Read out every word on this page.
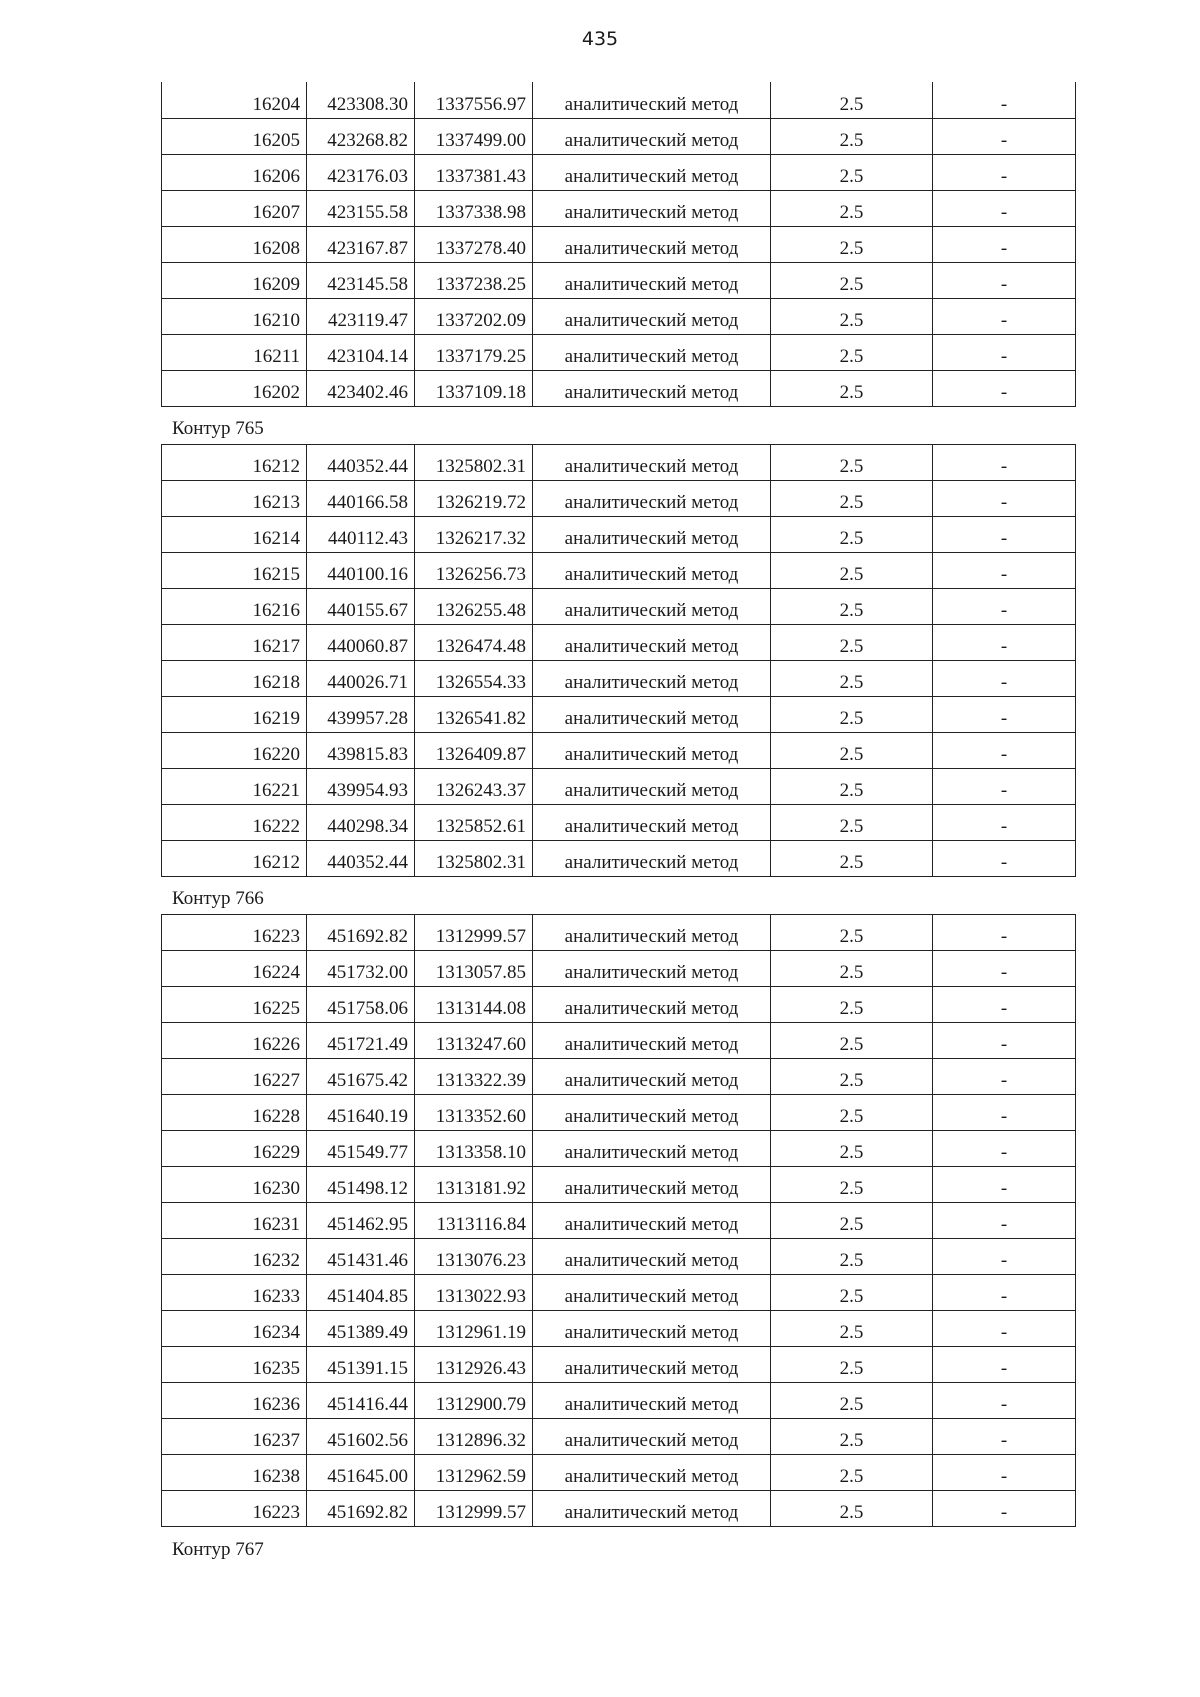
435
16204	423308.30	1337556.97	аналитический метод	2.5	-
16205	423268.82	1337499.00	аналитический метод	2.5	-
16206	423176.03	1337381.43	аналитический метод	2.5	-
16207	423155.58	1337338.98	аналитический метод	2.5	-
16208	423167.87	1337278.40	аналитический метод	2.5	-
16209	423145.58	1337238.25	аналитический метод	2.5	-
16210	423119.47	1337202.09	аналитический метод	2.5	-
16211	423104.14	1337179.25	аналитический метод	2.5	-
16202	423402.46	1337109.18	аналитический метод	2.5	-
Контур 765
16212	440352.44	1325802.31	аналитический метод	2.5	-
16213	440166.58	1326219.72	аналитический метод	2.5	-
16214	440112.43	1326217.32	аналитический метод	2.5	-
16215	440100.16	1326256.73	аналитический метод	2.5	-
16216	440155.67	1326255.48	аналитический метод	2.5	-
16217	440060.87	1326474.48	аналитический метод	2.5	-
16218	440026.71	1326554.33	аналитический метод	2.5	-
16219	439957.28	1326541.82	аналитический метод	2.5	-
16220	439815.83	1326409.87	аналитический метод	2.5	-
16221	439954.93	1326243.37	аналитический метод	2.5	-
16222	440298.34	1325852.61	аналитический метод	2.5	-
16212	440352.44	1325802.31	аналитический метод	2.5	-
Контур 766
16223	451692.82	1312999.57	аналитический метод	2.5	-
16224	451732.00	1313057.85	аналитический метод	2.5	-
16225	451758.06	1313144.08	аналитический метод	2.5	-
16226	451721.49	1313247.60	аналитический метод	2.5	-
16227	451675.42	1313322.39	аналитический метод	2.5	-
16228	451640.19	1313352.60	аналитический метод	2.5	-
16229	451549.77	1313358.10	аналитический метод	2.5	-
16230	451498.12	1313181.92	аналитический метод	2.5	-
16231	451462.95	1313116.84	аналитический метод	2.5	-
16232	451431.46	1313076.23	аналитический метод	2.5	-
16233	451404.85	1313022.93	аналитический метод	2.5	-
16234	451389.49	1312961.19	аналитический метод	2.5	-
16235	451391.15	1312926.43	аналитический метод	2.5	-
16236	451416.44	1312900.79	аналитический метод	2.5	-
16237	451602.56	1312896.32	аналитический метод	2.5	-
16238	451645.00	1312962.59	аналитический метод	2.5	-
16223	451692.82	1312999.57	аналитический метод	2.5	-
Контур 767
